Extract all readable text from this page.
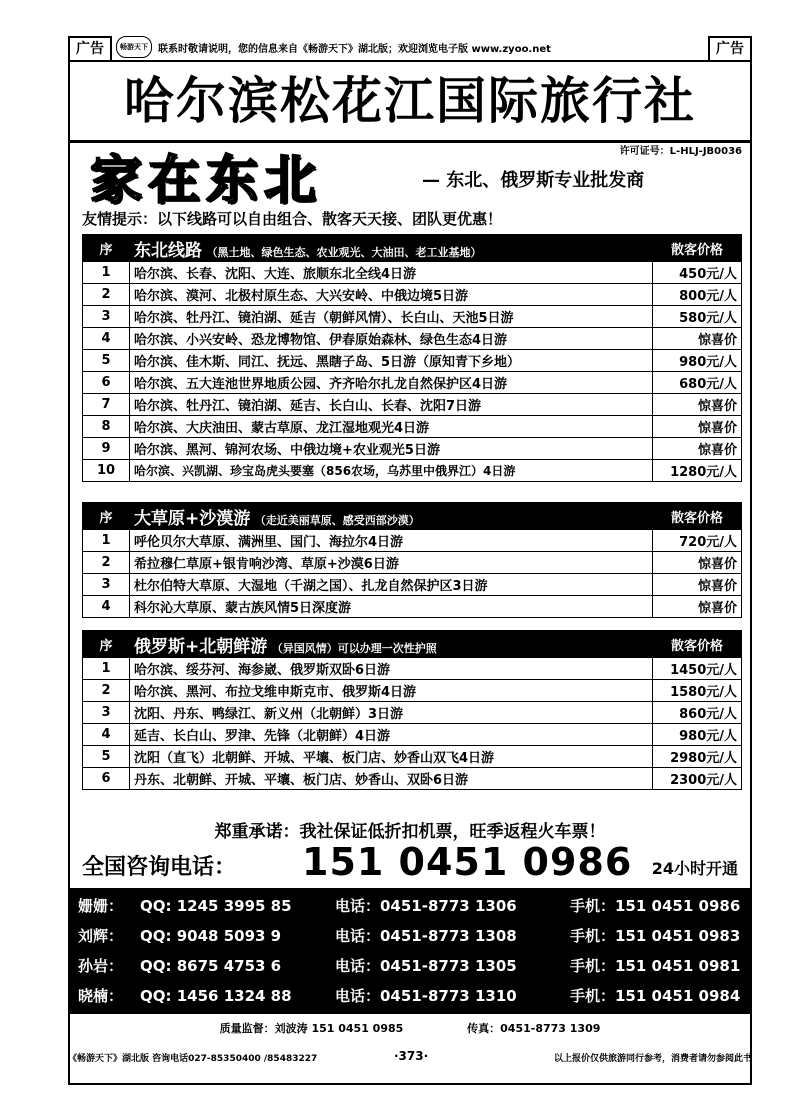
广告	畅游天下	联系时敬请说明，您的信息来自《畅游天下》湖北版；欢迎浏览电子版 www.zyoo.net	广告
哈尔滨松花江国际旅行社
许可证号：L-HLJ-JB0036
家在东北	— 东北、俄罗斯专业批发商
友情提示：以下线路可以自由组合、散客天天接、团队更优惠！
序	东北线路 （黑土地、绿色生态、农业观光、大油田、老工业基地）	散客价格
1	哈尔滨、长春、沈阳、大连、旅顺东北全线4日游	450元/人
2	哈尔滨、漠河、北极村原生态、大兴安岭、中俄边境5日游	800元/人
3	哈尔滨、牡丹江、镜泊湖、延吉（朝鲜风情）、长白山、天池5日游	580元/人
4	哈尔滨、小兴安岭、恐龙博物馆、伊春原始森林、绿色生态4日游	惊喜价
5	哈尔滨、佳木斯、同江、抚远、黑瞎子岛、5日游（原知青下乡地）	980元/人
6	哈尔滨、五大连池世界地质公园、齐齐哈尔扎龙自然保护区4日游	680元/人
7	哈尔滨、牡丹江、镜泊湖、延吉、长白山、长春、沈阳7日游	惊喜价
8	哈尔滨、大庆油田、蒙古草原、龙江湿地观光4日游	惊喜价
9	哈尔滨、黑河、锦河农场、中俄边境+农业观光5日游	惊喜价
10	哈尔滨、兴凯湖、珍宝岛虎头要塞（856农场，乌苏里中俄界江）4日游	1280元/人
序	大草原+沙漠游 （走近美丽草原、感受西部沙漠）	散客价格
1	呼伦贝尔大草原、满洲里、国门、海拉尔4日游	720元/人
2	希拉穆仁草原+银肯响沙湾、草原+沙漠6日游	惊喜价
3	杜尔伯特大草原、大湿地（千湖之国）、扎龙自然保护区3日游	惊喜价
4	科尔沁大草原、蒙古族风情5日深度游	惊喜价
序	俄罗斯+北朝鲜游 （异国风情）可以办理一次性护照	散客价格
1	哈尔滨、绥芬河、海参崴、俄罗斯双卧6日游	1450元/人
2	哈尔滨、黑河、布拉戈维申斯克市、俄罗斯4日游	1580元/人
3	沈阳、丹东、鸭绿江、新义州（北朝鲜）3日游	860元/人
4	延吉、长白山、罗津、先锋（北朝鲜）4日游	980元/人
5	沈阳（直飞）北朝鲜、开城、平壤、板门店、妙香山双飞4日游	2980元/人
6	丹东、北朝鲜、开城、平壤、板门店、妙香山、双卧6日游	2300元/人
郑重承诺：我社保证低折扣机票，旺季返程火车票！
全国咨询电话： 151 0451 0986 24小时开通
姗姗： QQ: 1245 3995 85	电话：0451-8773 1306	手机：151 0451 0986
刘辉： QQ: 9048 5093 9	电话：0451-8773 1308	手机：151 0451 0983
孙岩： QQ: 8675 4753 6	电话：0451-8773 1305	手机：151 0451 0981
晓楠： QQ: 1456 1324 88	电话：0451-8773 1310	手机：151 0451 0984
质量监督：刘波涛 151 0451 0985	传真：0451-8773 1309
《畅游天下》湖北版 咨询电话027-85350400 /85483227	·373·	以上报价仅供旅游同行参考，消费者请勿参阅此书
